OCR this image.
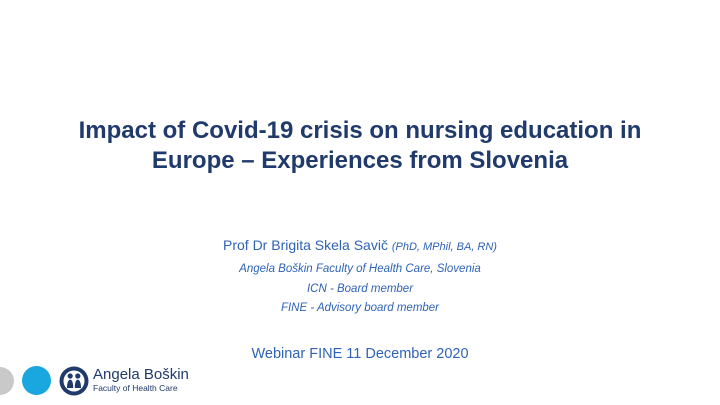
Impact of Covid-19 crisis on nursing education in Europe – Experiences from Slovenia
Prof Dr Brigita Skela Savič (PhD, MPhil, BA, RN)
Angela Boškin Faculty of Health Care, Slovenia
ICN - Board member
FINE - Advisory board member
Webinar FINE 11 December 2020
Angela Boškin
Faculty of Health Care
